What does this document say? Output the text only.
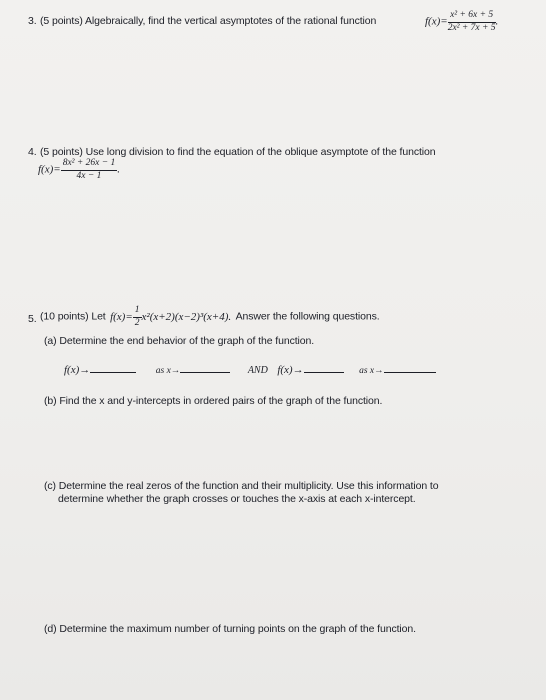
3. (5 points) Algebraically, find the vertical asymptotes of the rational function	$f(x)= \frac{\text{x² + 6x + 5}}{\text{2x² + 7x + 5}}$ .
4. (5 points) Use long division to find the equation of the oblique asymptote of the function
$f(x)= \frac{\text{8x² + 26x − 1}}{4x - 1}$ .
5. (10 points) Let $f(x)= \frac{1}{2} x^2(x+2)(x-2)^3(x+4)$. Answer the following questions.
(a) Determine the end behavior of the graph of the function.
f(x)→	as x→	AND f(x)→	as x→
(b) Find the x and y-intercepts in ordered pairs of the graph of the function.
(c) Determine the real zeros of the function and their multiplicity. Use this information to
determine whether the graph crosses or touches the x-axis at each x-intercept.
(d) Determine the maximum number of turning points on the graph of the function.
